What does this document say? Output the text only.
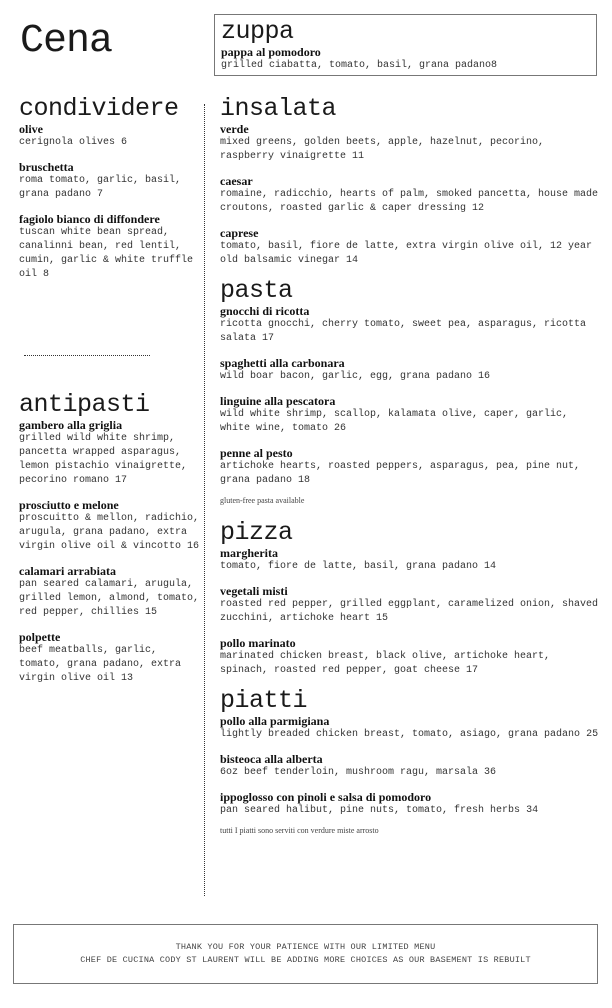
Cena	zuppa
pappa al pomodoro
grilled ciabatta, tomato, basil, grana padano8
condividere
olive
cerignola olives 6
bruschetta
roma tomato, garlic, basil, grana padano 7
fagiolo bianco di diffondere
tuscan white bean spread, canalinni bean, red lentil, cumin, garlic & white truffle oil 8
antipasti
gambero alla griglia
grilled wild white shrimp, pancetta wrapped asparagus, lemon pistachio vinaigrette, pecorino romano 17
prosciutto e melone
proscuitto & mellon, radichio, arugula, grana padano, extra virgin olive oil & vincotto 16
calamari arrabiata
pan seared calamari, arugula, grilled lemon, almond, tomato, red pepper, chillies 15
polpette
beef meatballs, garlic, tomato, grana padano, extra virgin olive oil 13
insalata
verde
mixed greens, golden beets, apple, hazelnut, pecorino, raspberry vinaigrette 11
caesar
romaine, radicchio, hearts of palm, smoked pancetta, house made croutons, roasted garlic & caper dressing 12
caprese
tomato, basil, fiore de latte, extra virgin olive oil, 12 year old balsamic vinegar 14
pasta
gnocchi di ricotta
ricotta gnocchi, cherry tomato, sweet pea, asparagus, ricotta salata 17
spaghetti alla carbonara
wild boar bacon, garlic, egg, grana padano 16
linguine alla pescatora
wild white shrimp, scallop, kalamata olive, caper, garlic, white wine, tomato 26
penne al pesto
artichoke hearts, roasted peppers, asparagus, pea, pine nut, grana padano 18
gluten-free pasta available
pizza
margherita
tomato, fiore de latte, basil, grana padano 14
vegetali misti
roasted red pepper, grilled eggplant, caramelized onion, shaved zucchini, artichoke heart 15
pollo marinato
marinated chicken breast, black olive, artichoke heart, spinach, roasted red pepper, goat cheese 17
piatti
pollo alla parmigiana
lightly breaded chicken breast, tomato, asiago, grana padano 25
bisteoca alla alberta
6oz beef tenderloin, mushroom ragu, marsala 36
ippoglosso con pinoli e salsa di pomodoro
pan seared halibut, pine nuts, tomato, fresh herbs 34
tutti I piatti sono serviti con verdure miste arrosto
THANK YOU FOR YOUR PATIENCE WITH OUR LIMITED MENU
CHEF DE CUCINA CODY ST LAURENT WILL BE ADDING MORE CHOICES AS OUR BASEMENT IS REBUILT
